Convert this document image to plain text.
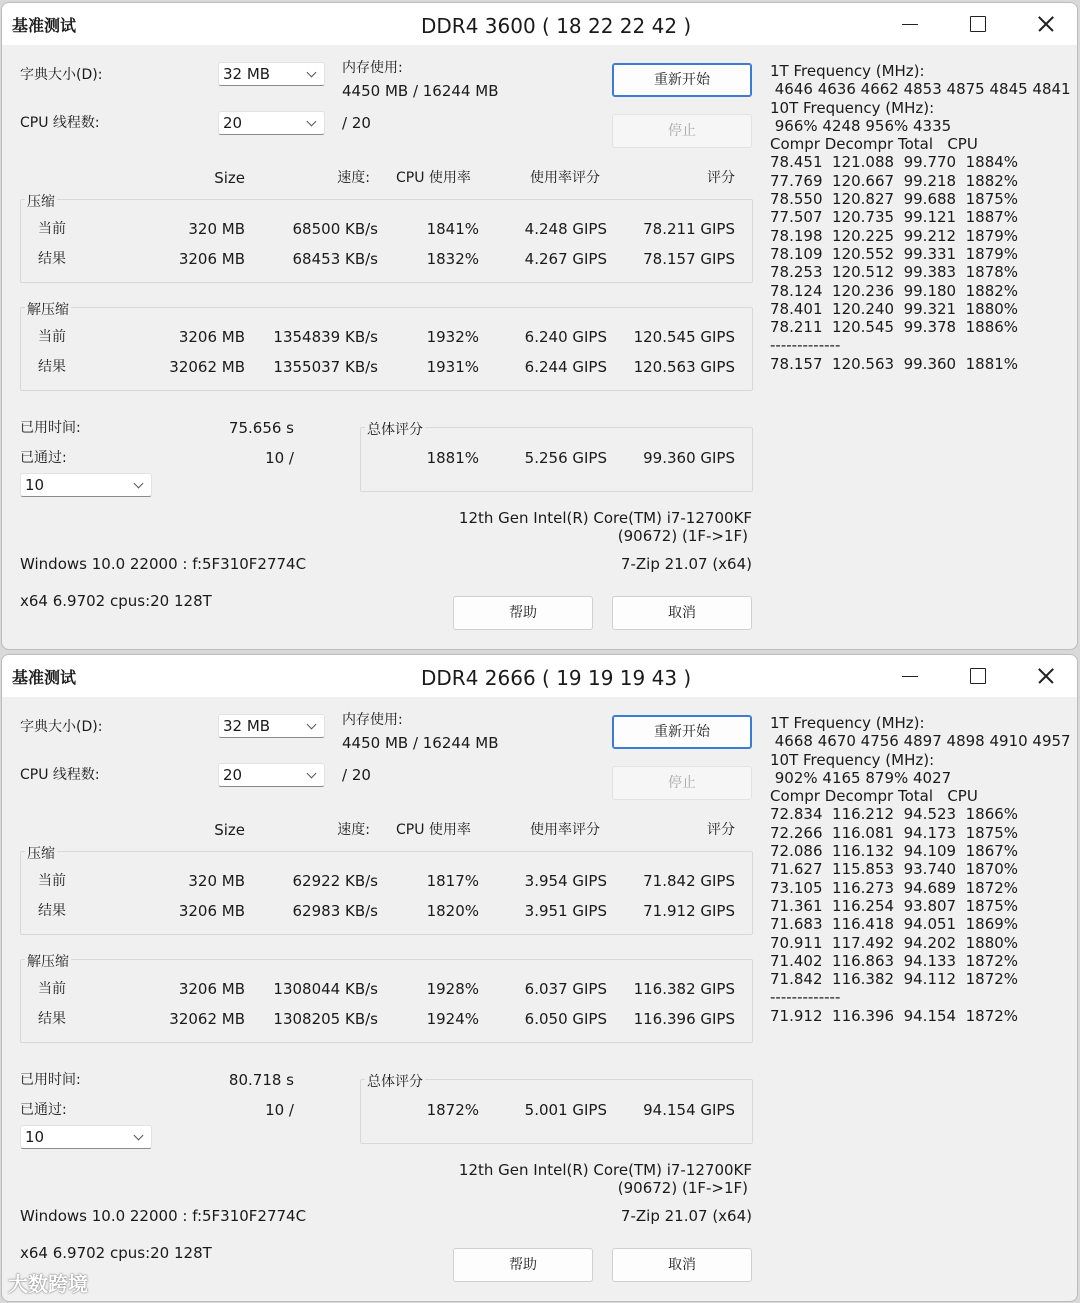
基准测试	DDR4 3600 ( 18 22 22 42 )
字典大小(D):	32 MB	内存使用:
4450 MB / 16244 MB
CPU 线程数:	20	/ 20
重新开始
停止
Size	速度: CPU 使用率	使用率评分	评分
压缩
当前	320 MB	68500 KB/s	1841%	4.248 GIPS	78.211 GIPS
结果	3206 MB	68453 KB/s	1832%	4.267 GIPS	78.157 GIPS
解压缩
当前	3206 MB	1354839 KB/s	1932%	6.240 GIPS	120.545 GIPS
结果	32062 MB	1355037 KB/s	1931%	6.244 GIPS	120.563 GIPS
已用时间:	75.656 s
已通过:	10 /
10
总体评分
1881%	5.256 GIPS	99.360 GIPS
12th Gen Intel(R) Core(TM) i7-12700KF
(90672) (1F->1F)
Windows 10.0 22000 : f:5F310F2774C	7-Zip 21.07 (x64)
x64 6.9702 cpus:20 128T
帮助	取消
1T Frequency (MHz):
4646 4636 4662 4853 4875 4845 4841
10T Frequency (MHz):
966% 4248 956% 4335
Compr Decompr Total   CPU
78.451  121.088  99.770  1884%
77.769  120.667  99.218  1882%
78.550  120.827  99.688  1875%
77.507  120.735  99.121  1887%
78.198  120.225  99.212  1879%
78.109  120.552  99.331  1879%
78.253  120.512  99.383  1878%
78.124  120.236  99.180  1882%
78.401  120.240  99.321  1880%
78.211  120.545  99.378  1886%
-------------
78.157  120.563  99.360  1881%
基准测试	DDR4 2666 ( 19 19 19 43 )
字典大小(D):	32 MB	内存使用:
4450 MB / 16244 MB
CPU 线程数:	20	/ 20
重新开始
停止
Size	速度: CPU 使用率	使用率评分	评分
压缩
当前	320 MB	62922 KB/s	1817%	3.954 GIPS	71.842 GIPS
结果	3206 MB	62983 KB/s	1820%	3.951 GIPS	71.912 GIPS
解压缩
当前	3206 MB	1308044 KB/s	1928%	6.037 GIPS	116.382 GIPS
结果	32062 MB	1308205 KB/s	1924%	6.050 GIPS	116.396 GIPS
已用时间:	80.718 s
已通过:	10 /
10
总体评分
1872%	5.001 GIPS	94.154 GIPS
12th Gen Intel(R) Core(TM) i7-12700KF
(90672) (1F->1F)
Windows 10.0 22000 : f:5F310F2774C	7-Zip 21.07 (x64)
x64 6.9702 cpus:20 128T
帮助	取消
1T Frequency (MHz):
4668 4670 4756 4897 4898 4910 4957
10T Frequency (MHz):
902% 4165 879% 4027
Compr Decompr Total   CPU
72.834  116.212  94.523  1866%
72.266  116.081  94.173  1875%
72.086  116.132  94.109  1867%
71.627  115.853  93.740  1870%
73.105  116.273  94.689  1872%
71.361  116.254  93.807  1875%
71.683  116.418  94.051  1869%
70.911  117.492  94.202  1880%
71.402  116.863  94.133  1872%
71.842  116.382  94.112  1872%
-------------
71.912  116.396  94.154  1872%
大数跨境
